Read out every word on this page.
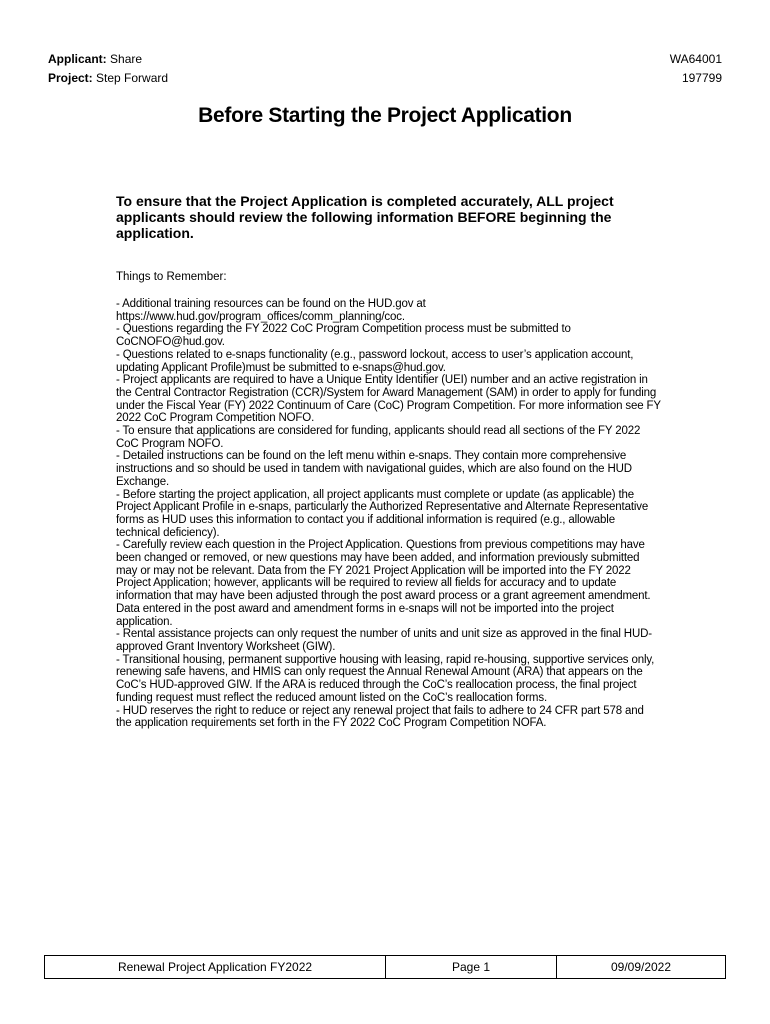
Applicant: Share	WA64001
Project: Step Forward	197799
Before Starting the Project Application
To ensure that the Project Application is completed accurately, ALL project applicants should review the following information BEFORE beginning the application.
Things to Remember:

- Additional training resources can be found on the HUD.gov at https://www.hud.gov/program_offices/comm_planning/coc.

- Questions regarding the FY 2022 CoC Program Competition process must be submitted to CoCNOFO@hud.gov.

- Questions related to e-snaps functionality (e.g., password lockout, access to user’s application account, updating Applicant Profile)must be submitted to e-snaps@hud.gov.

- Project applicants are required to have a Unique Entity Identifier (UEI) number and an active registration in the Central Contractor Registration (CCR)/System for Award Management (SAM) in order to apply for funding under the Fiscal Year (FY) 2022 Continuum of Care (CoC) Program Competition. For more information see FY 2022 CoC Program Competition NOFO.

- To ensure that applications are considered for funding, applicants should read all sections of the FY 2022 CoC Program NOFO.

- Detailed instructions can be found on the left menu within e-snaps. They contain more comprehensive instructions and so should be used in tandem with navigational guides, which are also found on the HUD Exchange.

- Before starting the project application, all project applicants must complete or update (as applicable) the Project Applicant Profile in e-snaps, particularly the Authorized Representative and Alternate Representative forms as HUD uses this information to contact you if additional information is required (e.g., allowable technical deficiency).

- Carefully review each question in the Project Application. Questions from previous competitions may have been changed or removed, or new questions may have been added, and information previously submitted may or may not be relevant. Data from the FY 2021 Project Application will be imported into the FY 2022 Project Application; however, applicants will be required to review all fields for accuracy and to update information that may have been adjusted through the post award process or a grant agreement amendment. Data entered in the post award and amendment forms in e-snaps will not be imported into the project application.

- Rental assistance projects can only request the number of units and unit size as approved in the final HUD-approved Grant Inventory Worksheet (GIW).

- Transitional housing, permanent supportive housing with leasing, rapid re-housing, supportive services only, renewing safe havens, and HMIS can only request the Annual Renewal Amount (ARA) that appears on the CoC’s HUD-approved GIW. If the ARA is reduced through the CoC’s reallocation process, the final project funding request must reflect the reduced amount listed on the CoC’s reallocation forms.

- HUD reserves the right to reduce or reject any renewal project that fails to adhere to 24 CFR part 578 and the application requirements set forth in the FY 2022 CoC Program Competition NOFA.

Renewal Project Application FY2022	Page 1	09/09/2022
